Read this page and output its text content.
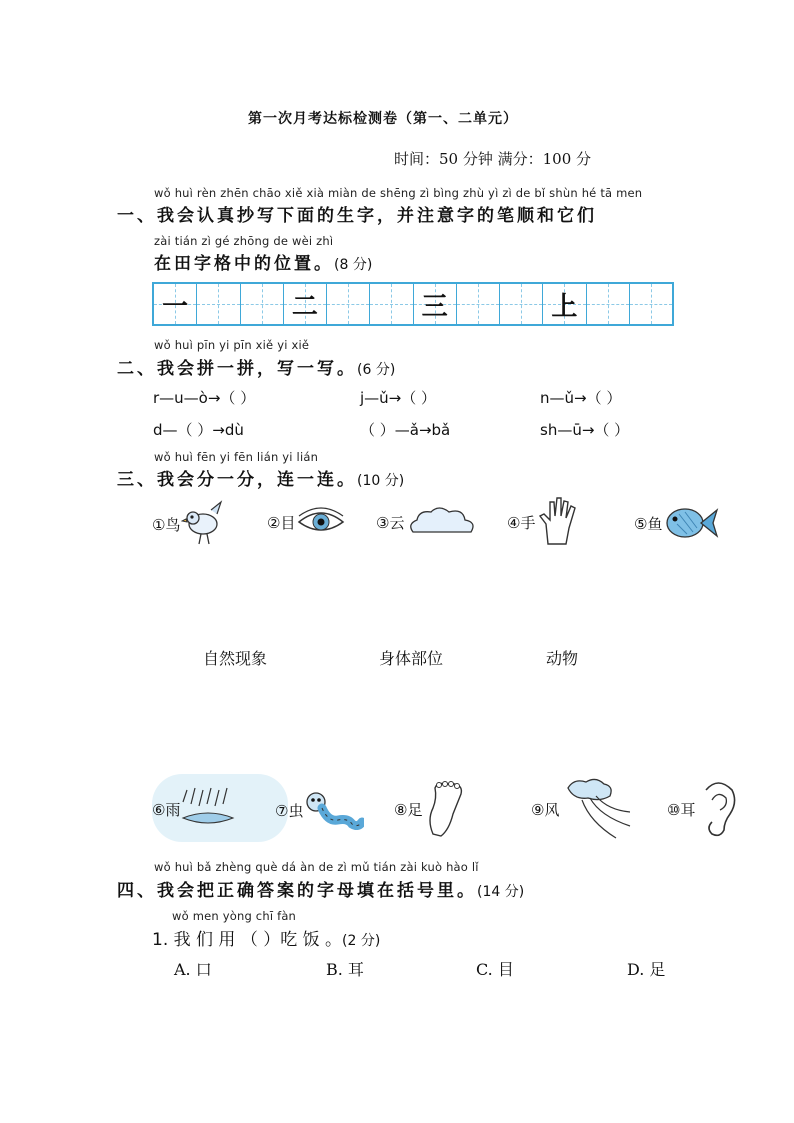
第一次月考达标检测卷（第一、二单元）
时间：50 分钟 满分：100 分
wǒ huì rèn zhēn chāo xiě xià miàn de shēng zì bìng zhù yì zì de bǐ shùn hé tā men
一、我会认真抄写下面的生字，并注意字的笔顺和它们
zài tián zì gé zhōng de wèi zhì
在田字格中的位置。(8 分)
一	二	三	上
wǒ huì pīn yi pīn xiě yi xiě
二、我会拼一拼，写一写。(6 分)
r—u—ò→（ ）	j—ǔ→（ ）	n—ǔ→（ ）
d—（ ）→dù	（ ）—ǎ→bǎ	sh—ū→（ ）
wǒ huì fēn yi fēn lián yi lián
三、我会分一分，连一连。(10 分)
①鸟	②目	③云	④手	⑤鱼
自然现象	身体部位	动物
⑥雨	⑦虫	⑧足	⑨风	⑩耳
wǒ huì bǎ zhèng què dá àn de zì mǔ tián zài kuò hào lǐ
四、我会把正确答案的字母填在括号里。(14 分)
wǒ men yòng chī fàn
1. 我 们 用 （ ）吃 饭 。(2 分)
A. 口	B. 耳	C. 目	D. 足
